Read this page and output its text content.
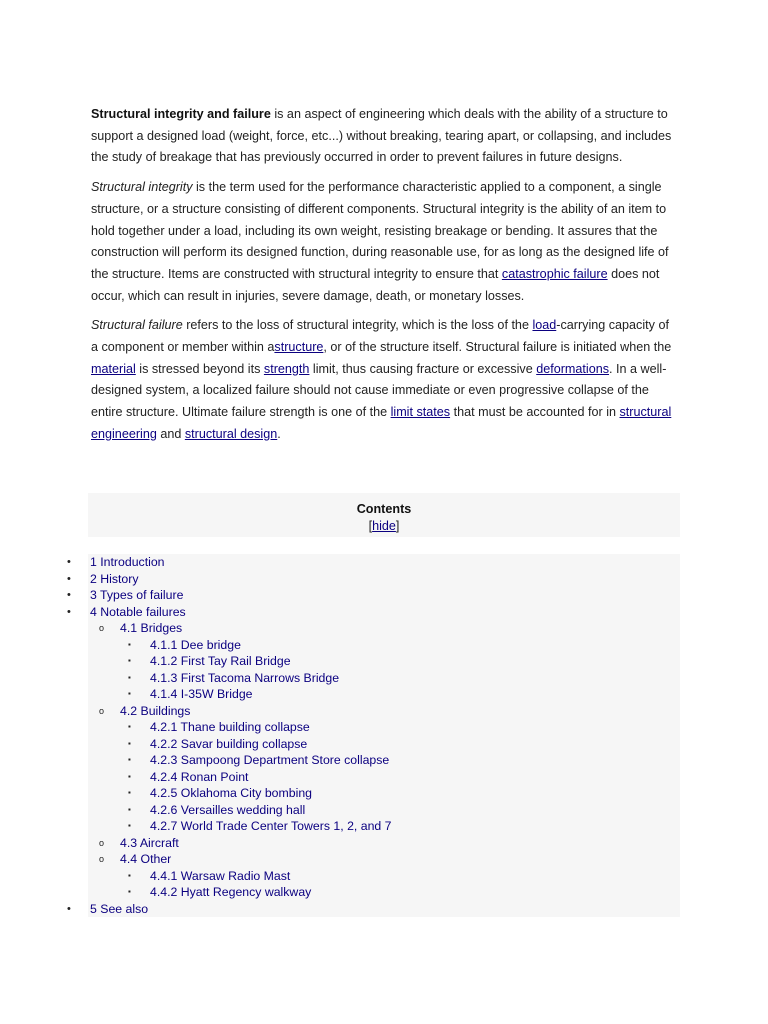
Structural integrity and failure is an aspect of engineering which deals with the ability of a structure to support a designed load (weight, force, etc...) without breaking, tearing apart, or collapsing, and includes the study of breakage that has previously occurred in order to prevent failures in future designs.

Structural integrity is the term used for the performance characteristic applied to a component, a single structure, or a structure consisting of different components. Structural integrity is the ability of an item to hold together under a load, including its own weight, resisting breakage or bending. It assures that the construction will perform its designed function, during reasonable use, for as long as the designed life of the structure. Items are constructed with structural integrity to ensure that catastrophic failure does not occur, which can result in injuries, severe damage, death, or monetary losses.

Structural failure refers to the loss of structural integrity, which is the loss of the load-carrying capacity of a component or member within astructure, or of the structure itself. Structural failure is initiated when the material is stressed beyond its strength limit, thus causing fracture or excessive deformations. In a well-designed system, a localized failure should not cause immediate or even progressive collapse of the entire structure. Ultimate failure strength is one of the limit states that must be accounted for in structural engineering and structural design.

Contents
[hide]
• 1 Introduction
• 2 History
• 3 Types of failure
• 4 Notable failures
o 4.1 Bridges
▪ 4.1.1 Dee bridge
▪ 4.1.2 First Tay Rail Bridge
▪ 4.1.3 First Tacoma Narrows Bridge
▪ 4.1.4 I-35W Bridge
o 4.2 Buildings
▪ 4.2.1 Thane building collapse
▪ 4.2.2 Savar building collapse
▪ 4.2.3 Sampoong Department Store collapse
▪ 4.2.4 Ronan Point
▪ 4.2.5 Oklahoma City bombing
▪ 4.2.6 Versailles wedding hall
▪ 4.2.7 World Trade Center Towers 1, 2, and 7
o 4.3 Aircraft
o 4.4 Other
▪ 4.4.1 Warsaw Radio Mast
▪ 4.4.2 Hyatt Regency walkway
• 5 See also
